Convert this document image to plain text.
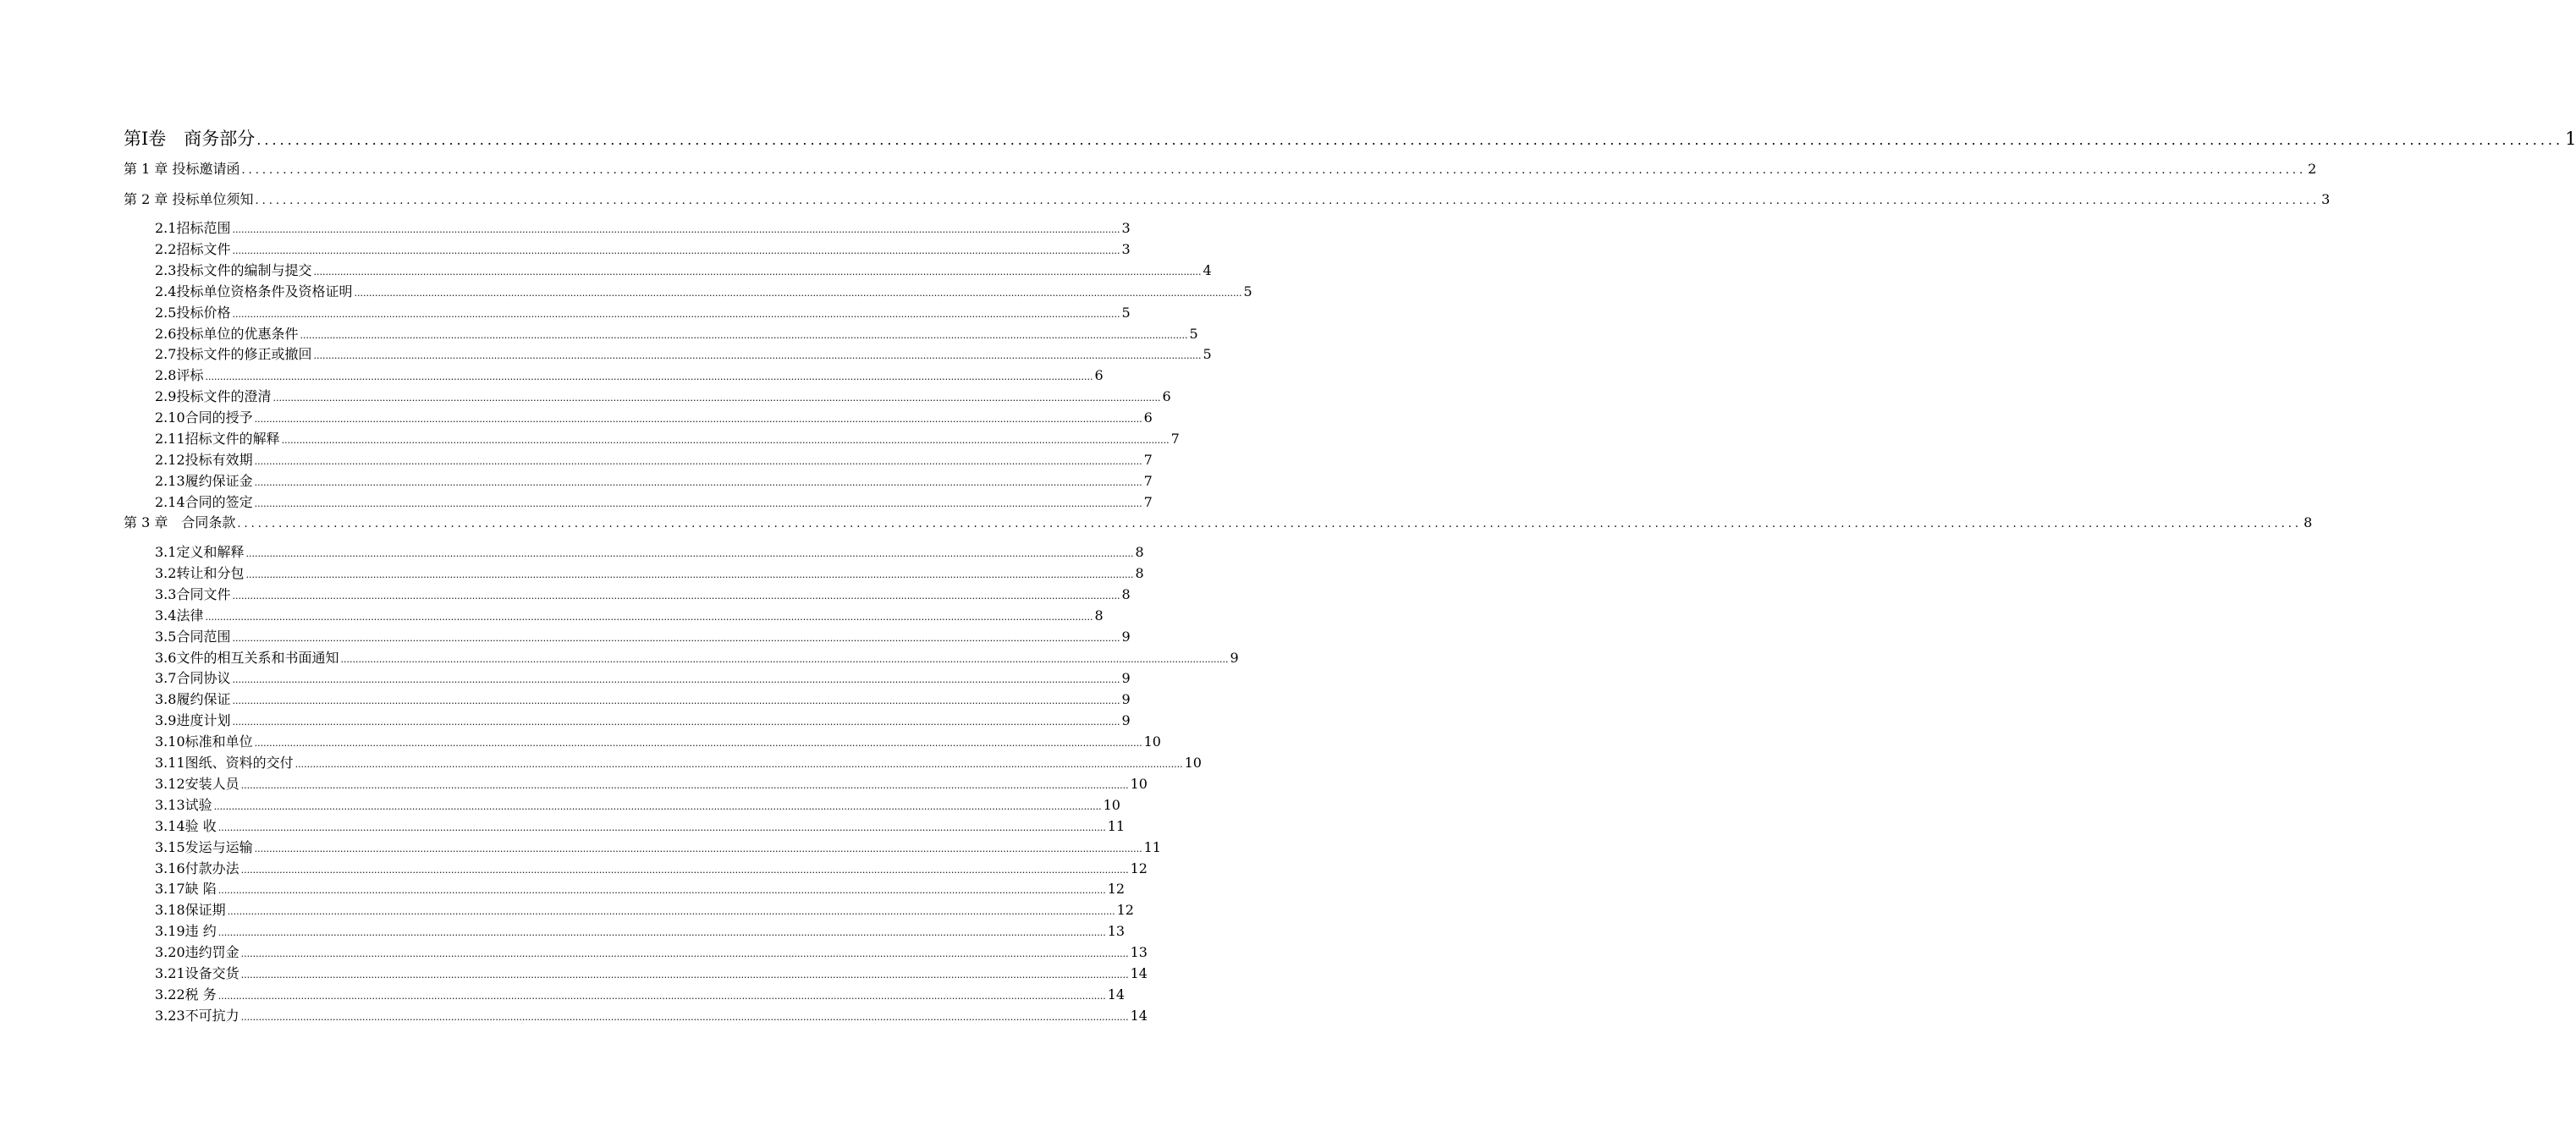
第Ⅰ卷　商务部分 ............................................................................................................................................................................................................................................................................................................ 1
第 1 章 投标邀请函 ............................................................................................................................................................................................................................................................................................................ 2
第 2 章 投标单位须知 ............................................................................................................................................................................................................................................................................................................ 3
2.1 招标范围 ............................................................................................................................................................................................................................................................................................................ 3
2.2 招标文件 ............................................................................................................................................................................................................................................................................................................ 3
2.3 投标文件的编制与提交 ............................................................................................................................................................................................................................................................................................................ 4
2.4 投标单位资格条件及资格证明 ............................................................................................................................................................................................................................................................................................................ 5
2.5 投标价格 ............................................................................................................................................................................................................................................................................................................ 5
2.6 投标单位的优惠条件 ............................................................................................................................................................................................................................................................................................................ 5
2.7 投标文件的修正或撤回 ............................................................................................................................................................................................................................................................................................................ 5
2.8 评标 ............................................................................................................................................................................................................................................................................................................ 6
2.9 投标文件的澄清 ............................................................................................................................................................................................................................................................................................................ 6
2.10 合同的授予 ............................................................................................................................................................................................................................................................................................................ 6
2.11 招标文件的解释 ............................................................................................................................................................................................................................................................................................................ 7
2.12 投标有效期 ............................................................................................................................................................................................................................................................................................................ 7
2.13 履约保证金 ............................................................................................................................................................................................................................................................................................................ 7
2.14 合同的签定 ............................................................................................................................................................................................................................................................................................................ 7
第 3 章　合同条款 ............................................................................................................................................................................................................................................................................................................ 8
3.1 定义和解释 ............................................................................................................................................................................................................................................................................................................ 8
3.2 转让和分包 ............................................................................................................................................................................................................................................................................................................ 8
3.3 合同文件 ............................................................................................................................................................................................................................................................................................................ 8
3.4 法律 ............................................................................................................................................................................................................................................................................................................ 8
3.5 合同范围 ............................................................................................................................................................................................................................................................................................................ 9
3.6 文件的相互关系和书面通知 ............................................................................................................................................................................................................................................................................................................ 9
3.7 合同协议 ............................................................................................................................................................................................................................................................................................................ 9
3.8 履约保证 ............................................................................................................................................................................................................................................................................................................ 9
3.9 进度计划 ............................................................................................................................................................................................................................................................................................................ 9
3.10 标准和单位 ............................................................................................................................................................................................................................................................................................................ 10
3.11 图纸、资料的交付 ............................................................................................................................................................................................................................................................................................................ 10
3.12 安装人员 ............................................................................................................................................................................................................................................................................................................ 10
3.13 试验 ............................................................................................................................................................................................................................................................................................................ 10
3.14 验 收 ............................................................................................................................................................................................................................................................................................................ 11
3.15 发运与运输 ............................................................................................................................................................................................................................................................................................................ 11
3.16 付款办法 ............................................................................................................................................................................................................................................................................................................ 12
3.17 缺 陷 ............................................................................................................................................................................................................................................................................................................ 12
3.18 保证期 ............................................................................................................................................................................................................................................................................................................ 12
3.19 违 约 ............................................................................................................................................................................................................................................................................................................ 13
3.20 违约罚金 ............................................................................................................................................................................................................................................................................................................ 13
3.21 设备交货 ............................................................................................................................................................................................................................................................................................................ 14
3.22 税 务 ............................................................................................................................................................................................................................................................................................................ 14
3.23 不可抗力 ............................................................................................................................................................................................................................................................................................................ 14
